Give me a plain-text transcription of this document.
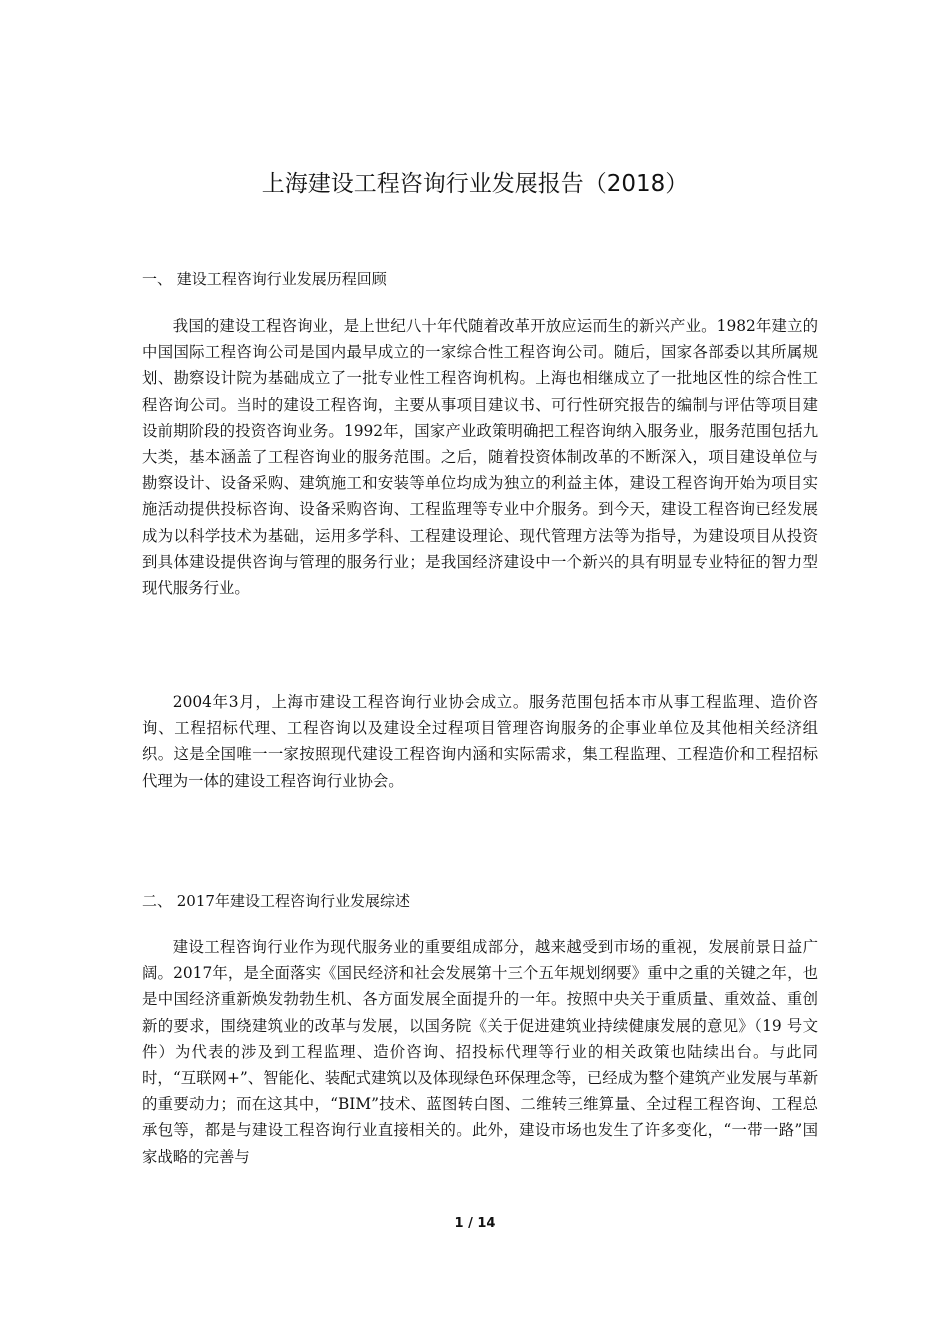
上海建设工程咨询行业发展报告（2018）
一、 建设工程咨询行业发展历程回顾

我国的建设工程咨询业，是上世纪八十年代随着改革开放应运而生的新兴产业。1982年建立的中国国际工程咨询公司是国内最早成立的一家综合性工程咨询公司。随后，国家各部委以其所属规划、勘察设计院为基础成立了一批专业性工程咨询机构。上海也相继成立了一批地区性的综合性工程咨询公司。当时的建设工程咨询，主要从事项目建议书、可行性研究报告的编制与评估等项目建设前期阶段的投资咨询业务。1992年，国家产业政策明确把工程咨询纳入服务业，服务范围包括九大类，基本涵盖了工程咨询业的服务范围。之后，随着投资体制改革的不断深入，项目建设单位与勘察设计、设备采购、建筑施工和安装等单位均成为独立的利益主体，建设工程咨询开始为项目实施活动提供投标咨询、设备采购咨询、工程监理等专业中介服务。到今天，建设工程咨询已经发展成为以科学技术为基础，运用多学科、工程建设理论、现代管理方法等为指导，为建设项目从投资到具体建设提供咨询与管理的服务行业；是我国经济建设中一个新兴的具有明显专业特征的智力型现代服务行业。

2004年3月，上海市建设工程咨询行业协会成立。服务范围包括本市从事工程监理、造价咨询、工程招标代理、工程咨询以及建设全过程项目管理咨询服务的企事业单位及其他相关经济组织。这是全国唯一一家按照现代建设工程咨询内涵和实际需求，集工程监理、工程造价和工程招标代理为一体的建设工程咨询行业协会。

二、 2017年建设工程咨询行业发展综述

建设工程咨询行业作为现代服务业的重要组成部分，越来越受到市场的重视，发展前景日益广阔。2017年，是全面落实《国民经济和社会发展第十三个五年规划纲要》重中之重的关键之年，也是中国经济重新焕发勃勃生机、各方面发展全面提升的一年。按照中央关于重质量、重效益、重创新的要求，围绕建筑业的改革与发展，以国务院《关于促进建筑业持续健康发展的意见》（19 号文件）为代表的涉及到工程监理、造价咨询、招投标代理等行业的相关政策也陆续出台。与此同时，“互联网+”、智能化、装配式建筑以及体现绿色环保理念等，已经成为整个建筑产业发展与革新的重要动力；而在这其中，“BIM”技术、蓝图转白图、二维转三维算量、全过程工程咨询、工程总承包等，都是与建设工程咨询行业直接相关的。此外，建设市场也发生了许多变化，“一带一路”国家战略的完善与

1 / 14
